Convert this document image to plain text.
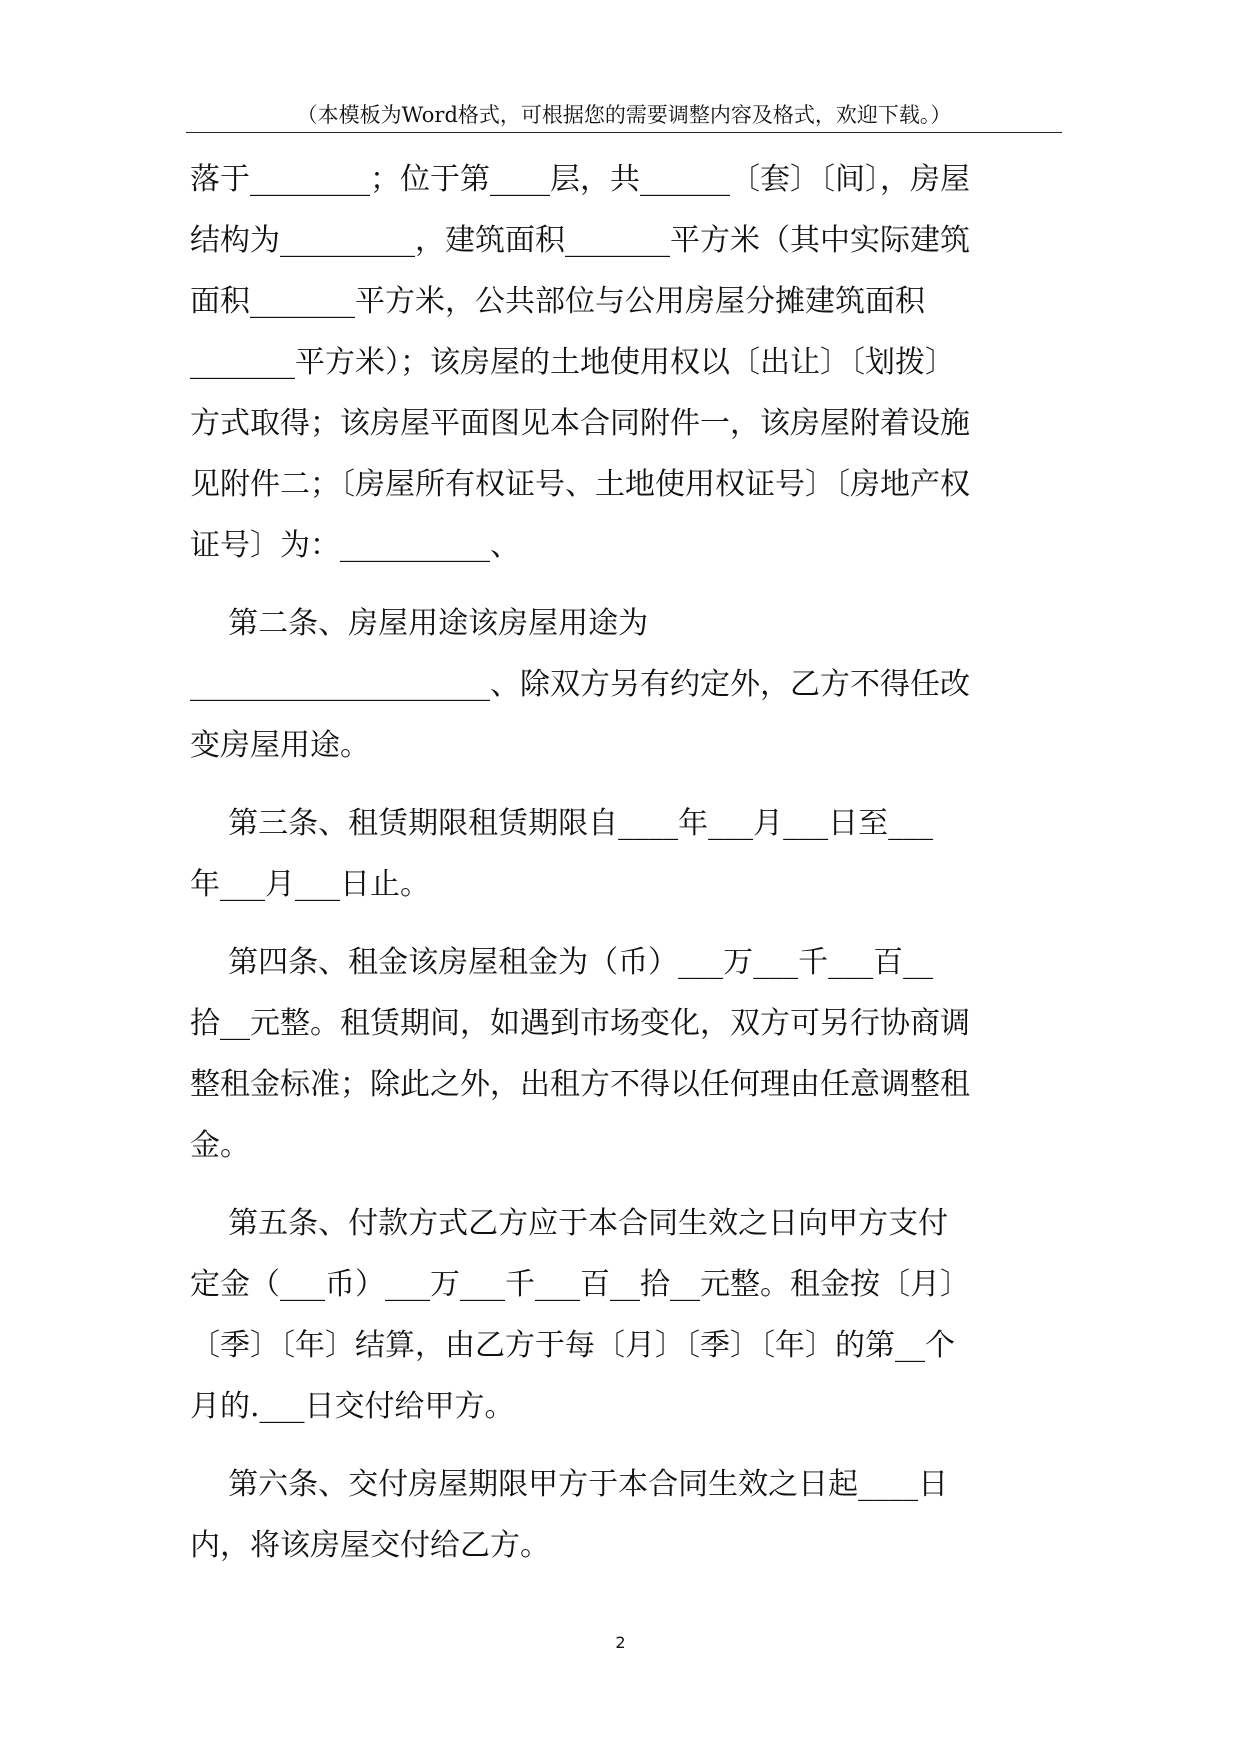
（本模板为Word格式，可根据您的需要调整内容及格式，欢迎下载。）
落于________；位于第____层，共______〔套〕〔间〕，房屋
结构为_________，建筑面积_______平方米（其中实际建筑
面积_______平方米，公共部位与公用房屋分摊建筑面积
_______平方米）；该房屋的土地使用权以〔出让〕〔划拨〕
方式取得；该房屋平面图见本合同附件一，该房屋附着设施
见附件二；〔房屋所有权证号、土地使用权证号〕〔房地产权
证号〕为：__________、
第二条、房屋用途该房屋用途为
____________________、除双方另有约定外，乙方不得任改
变房屋用途。
第三条、租赁期限租赁期限自____年___月___日至___
年___月___日止。
第四条、租金该房屋租金为（币）___万___千___百__
拾__元整。租赁期间，如遇到市场变化，双方可另行协商调
整租金标准；除此之外，出租方不得以任何理由任意调整租
金。
第五条、付款方式乙方应于本合同生效之日向甲方支付
定金（___币）___万___千___百__拾__元整。租金按〔月〕
〔季〕〔年〕结算，由乙方于每〔月〕〔季〕〔年〕的第__个
月的.___日交付给甲方。
第六条、交付房屋期限甲方于本合同生效之日起____日
内，将该房屋交付给乙方。
2
